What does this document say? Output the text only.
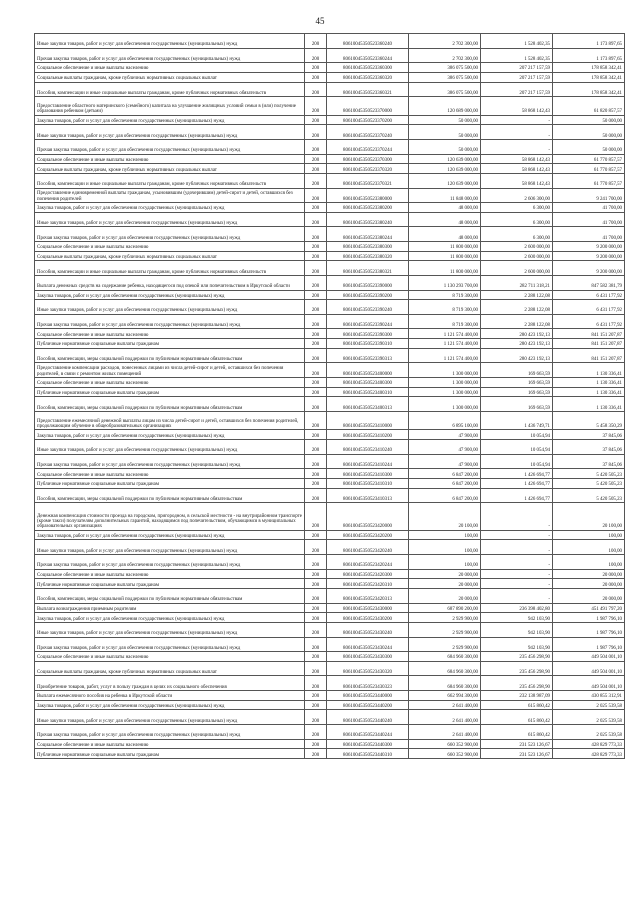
45
Иные закупки товаров, работ и услуг для обеспечения государственных (муниципальных) нужд	200	80610045350523360240	2 702 300,00	1 528 402,35	1 173 897,65
Прочая закупка товаров, работ и услуг для обеспечения государственных (муниципальных) нужд	200	80610045350523360244	2 702 300,00	1 528 402,35	1 173 897,65
Социальное обеспечение и иные выплаты населению	200	80610045350523360300	386 075 500,00	207 217 157,59	178 858 342,41
Социальные выплаты гражданам, кроме публичных нормативных социальных выплат	200	80610045350523360320	386 075 500,00	207 217 157,59	178 858 342,41
Пособия, компенсации и иные социальные выплаты гражданам, кроме публичных нормативных обязательств	200	80610045350523360321	386 075 500,00	207 217 157,59	178 858 342,41
Предоставление областного материнского (семейного) капитала на улучшение жилищных условий семьи в (или) получение образования ребенком (детьми)	200	80610045350523370000	120 689 000,00	58 868 142,43	61 820 857,57
Закупка товаров, работ и услуг для обеспечения государственных (муниципальных) нужд	200	80610045350523370200	50 000,00	-	50 000,00
Иные закупки товаров, работ и услуг для обеспечения государственных (муниципальных) нужд	200	80610045350523370240	50 000,00	-	50 000,00
Прочая закупка товаров, работ и услуг для обеспечения государственных (муниципальных) нужд	200	80610045350523370244	50 000,00	-	50 000,00
Социальное обеспечение и иные выплаты населению	200	80610045350523370300	120 639 000,00	58 868 142,43	61 770 857,57
Социальные выплаты гражданам, кроме публичных нормативных социальных выплат	200	80610045350523370320	120 639 000,00	58 868 142,43	61 770 857,57
Пособия, компенсации и иные социальные выплаты гражданам, кроме публичных нормативных обязательств	200	80610045350523370321	120 639 000,00	58 868 142,43	61 770 857,57
Предоставление единовременной выплаты гражданам, усыновившим (удочерившим) детей-сирот и детей, оставшихся без попечения родителей	200	80610045350523380000	11 848 000,00	2 606 300,00	9 241 700,00
Закупка товаров, работ и услуг для обеспечения государственных (муниципальных) нужд	200	80610045350523380200	48 000,00	6 300,00	41 700,00
Иные закупки товаров, работ и услуг для обеспечения государственных (муниципальных) нужд	200	80610045350523380240	48 000,00	6 300,00	41 700,00
Прочая закупка товаров, работ и услуг для обеспечения государственных (муниципальных) нужд	200	80610045350523380244	48 000,00	6 300,00	41 700,00
Социальное обеспечение и иные выплаты населению	200	80610045350523380300	11 800 000,00	2 600 000,00	9 200 000,00
Социальные выплаты гражданам, кроме публичных нормативных социальных выплат	200	80610045350523380320	11 800 000,00	2 600 000,00	9 200 000,00
Пособия, компенсации и иные социальные выплаты гражданам, кроме публичных нормативных обязательств	200	80610045350523380321	11 800 000,00	2 600 000,00	9 200 000,00
Выплата денежных средств на содержание ребенка, находящегося под опекой или попечительством в Иркутской области	200	80610045350523390000	1 130 293 700,00	282 711 318,21	847 582 381,79
Закупка товаров, работ и услуг для обеспечения государственных (муниципальных) нужд	200	80610045350523390200	8 719 300,00	2 288 122,08	6 431 177,92
Иные закупки товаров, работ и услуг для обеспечения государственных (муниципальных) нужд	200	80610045350523390240	8 719 300,00	2 288 122,08	6 431 177,92
Прочая закупка товаров, работ и услуг для обеспечения государственных (муниципальных) нужд	200	80610045350523390244	8 719 300,00	2 288 122,08	6 431 177,92
Социальное обеспечение и иные выплаты населению	200	80610045350523390300	1 121 574 400,00	280 423 192,13	841 151 207,87
Публичные нормативные социальные выплаты гражданам	200	80610045350523390310	1 121 574 400,00	280 423 192,13	841 151 207,87
Пособия, компенсации, меры социальной поддержки по публичным нормативным обязательствам	200	80610045350523390313	1 121 574 400,00	280 423 192,13	841 151 207,87
Предоставление компенсации расходов, понесенных лицами из числа детей-сирот и детей, оставшихся без попечения родителей, в связи с ремонтом жилых помещений	200	80610045350523400000	1 300 000,00	169 663,59	1 130 336,41
Социальное обеспечение и иные выплаты населению	200	80610045350523400300	1 300 000,00	169 663,59	1 130 336,41
Публичные нормативные социальные выплаты гражданам	200	80610045350523400310	1 300 000,00	169 663,59	1 130 336,41
Пособия, компенсации, меры социальной поддержки по публичным нормативным обязательствам	200	80610045350523400313	1 300 000,00	169 663,59	1 130 336,41
Предоставление ежемесячной денежной выплаты лицам из числа детей-сирот и детей, оставшихся без попечения родителей, продолжающим обучение в общеобразовательных организациях	200	80610045350523410000	6 895 100,00	1 436 749,71	5 458 350,29
Закупка товаров, работ и услуг для обеспечения государственных (муниципальных) нужд	200	80610045350523410200	47 900,00	10 054,94	37 845,06
Иные закупки товаров, работ и услуг для обеспечения государственных (муниципальных) нужд	200	80610045350523410240	47 900,00	10 054,94	37 845,06
Прочая закупка товаров, работ и услуг для обеспечения государственных (муниципальных) нужд	200	80610045350523410244	47 900,00	10 054,94	37 845,06
Социальное обеспечение и иные выплаты населению	200	80610045350523410300	6 847 200,00	1 426 694,77	5 420 505,23
Публичные нормативные социальные выплаты гражданам	200	80610045350523410310	6 847 200,00	1 426 694,77	5 420 505,23
Пособия, компенсации, меры социальной поддержки по публичным нормативным обязательствам	200	80610045350523410313	6 847 200,00	1 426 694,77	5 420 505,23
Денежная компенсация стоимости проезда на городском, пригородном, в сельской местности - на внутрирайонном транспорте (кроме такси) получателям дополнительных гарантий, находящимся под попечительством, обучающимся в муниципальных образовательных организациях	200	80610045350523420000	20 100,00	-	20 100,00
Закупка товаров, работ и услуг для обеспечения государственных (муниципальных) нужд	200	80610045350523420200	100,00	-	100,00
Иные закупки товаров, работ и услуг для обеспечения государственных (муниципальных) нужд	200	80610045350523420240	100,00	-	100,00
Прочая закупка товаров, работ и услуг для обеспечения государственных (муниципальных) нужд	200	80610045350523420244	100,00	-	100,00
Социальное обеспечение и иные выплаты населению	200	80610045350523420300	20 000,00	-	20 000,00
Публичные нормативные социальные выплаты гражданам	200	80610045350523420310	20 000,00	-	20 000,00
Пособия, компенсации, меры социальной поддержки по публичным нормативным обязательствам	200	80610045350523420313	20 000,00	-	20 000,00
Выплата вознаграждения приемным родителям	200	80610045350523430000	687 890 200,00	236 398 402,80	451 491 797,20
Закупка товаров, работ и услуг для обеспечения государственных (муниципальных) нужд	200	80610045350523430200	2 929 900,00	942 103,90	1 987 796,10
Иные закупки товаров, работ и услуг для обеспечения государственных (муниципальных) нужд	200	80610045350523430240	2 929 900,00	942 103,90	1 987 796,10
Прочая закупка товаров, работ и услуг для обеспечения государственных (муниципальных) нужд	200	80610045350523430244	2 929 900,00	942 103,90	1 987 796,10
Социальное обеспечение и иные выплаты населению	200	80610045350523430300	684 960 300,00	235 456 298,90	449 504 001,10
Социальные выплаты гражданам, кроме публичных нормативных социальных выплат	200	80610045350523430320	684 960 300,00	235 456 298,90	449 504 001,10
Приобретение товаров, работ, услуг в пользу граждан в целях их социального обеспечения	200	80610045350523430323	684 960 300,00	235 456 298,90	449 504 001,10
Выплата ежемесячного пособия на ребенка в Иркутской области	200	80610045350523440000	662 994 300,00	232 138 987,09	430 855 312,91
Закупка товаров, работ и услуг для обеспечения государственных (муниципальных) нужд	200	80610045350523440200	2 641 400,00	615 860,42	2 025 539,58
Иные закупки товаров, работ и услуг для обеспечения государственных (муниципальных) нужд	200	80610045350523440240	2 641 400,00	615 860,42	2 025 539,58
Прочая закупка товаров, работ и услуг для обеспечения государственных (муниципальных) нужд	200	80610045350523440244	2 641 400,00	615 860,42	2 025 539,58
Социальное обеспечение и иные выплаты населению	200	80610045350523440300	660 352 900,00	231 523 126,67	428 829 773,33
Публичные нормативные социальные выплаты гражданам	200	80610045350523440310	660 352 900,00	231 523 126,67	428 829 773,33
